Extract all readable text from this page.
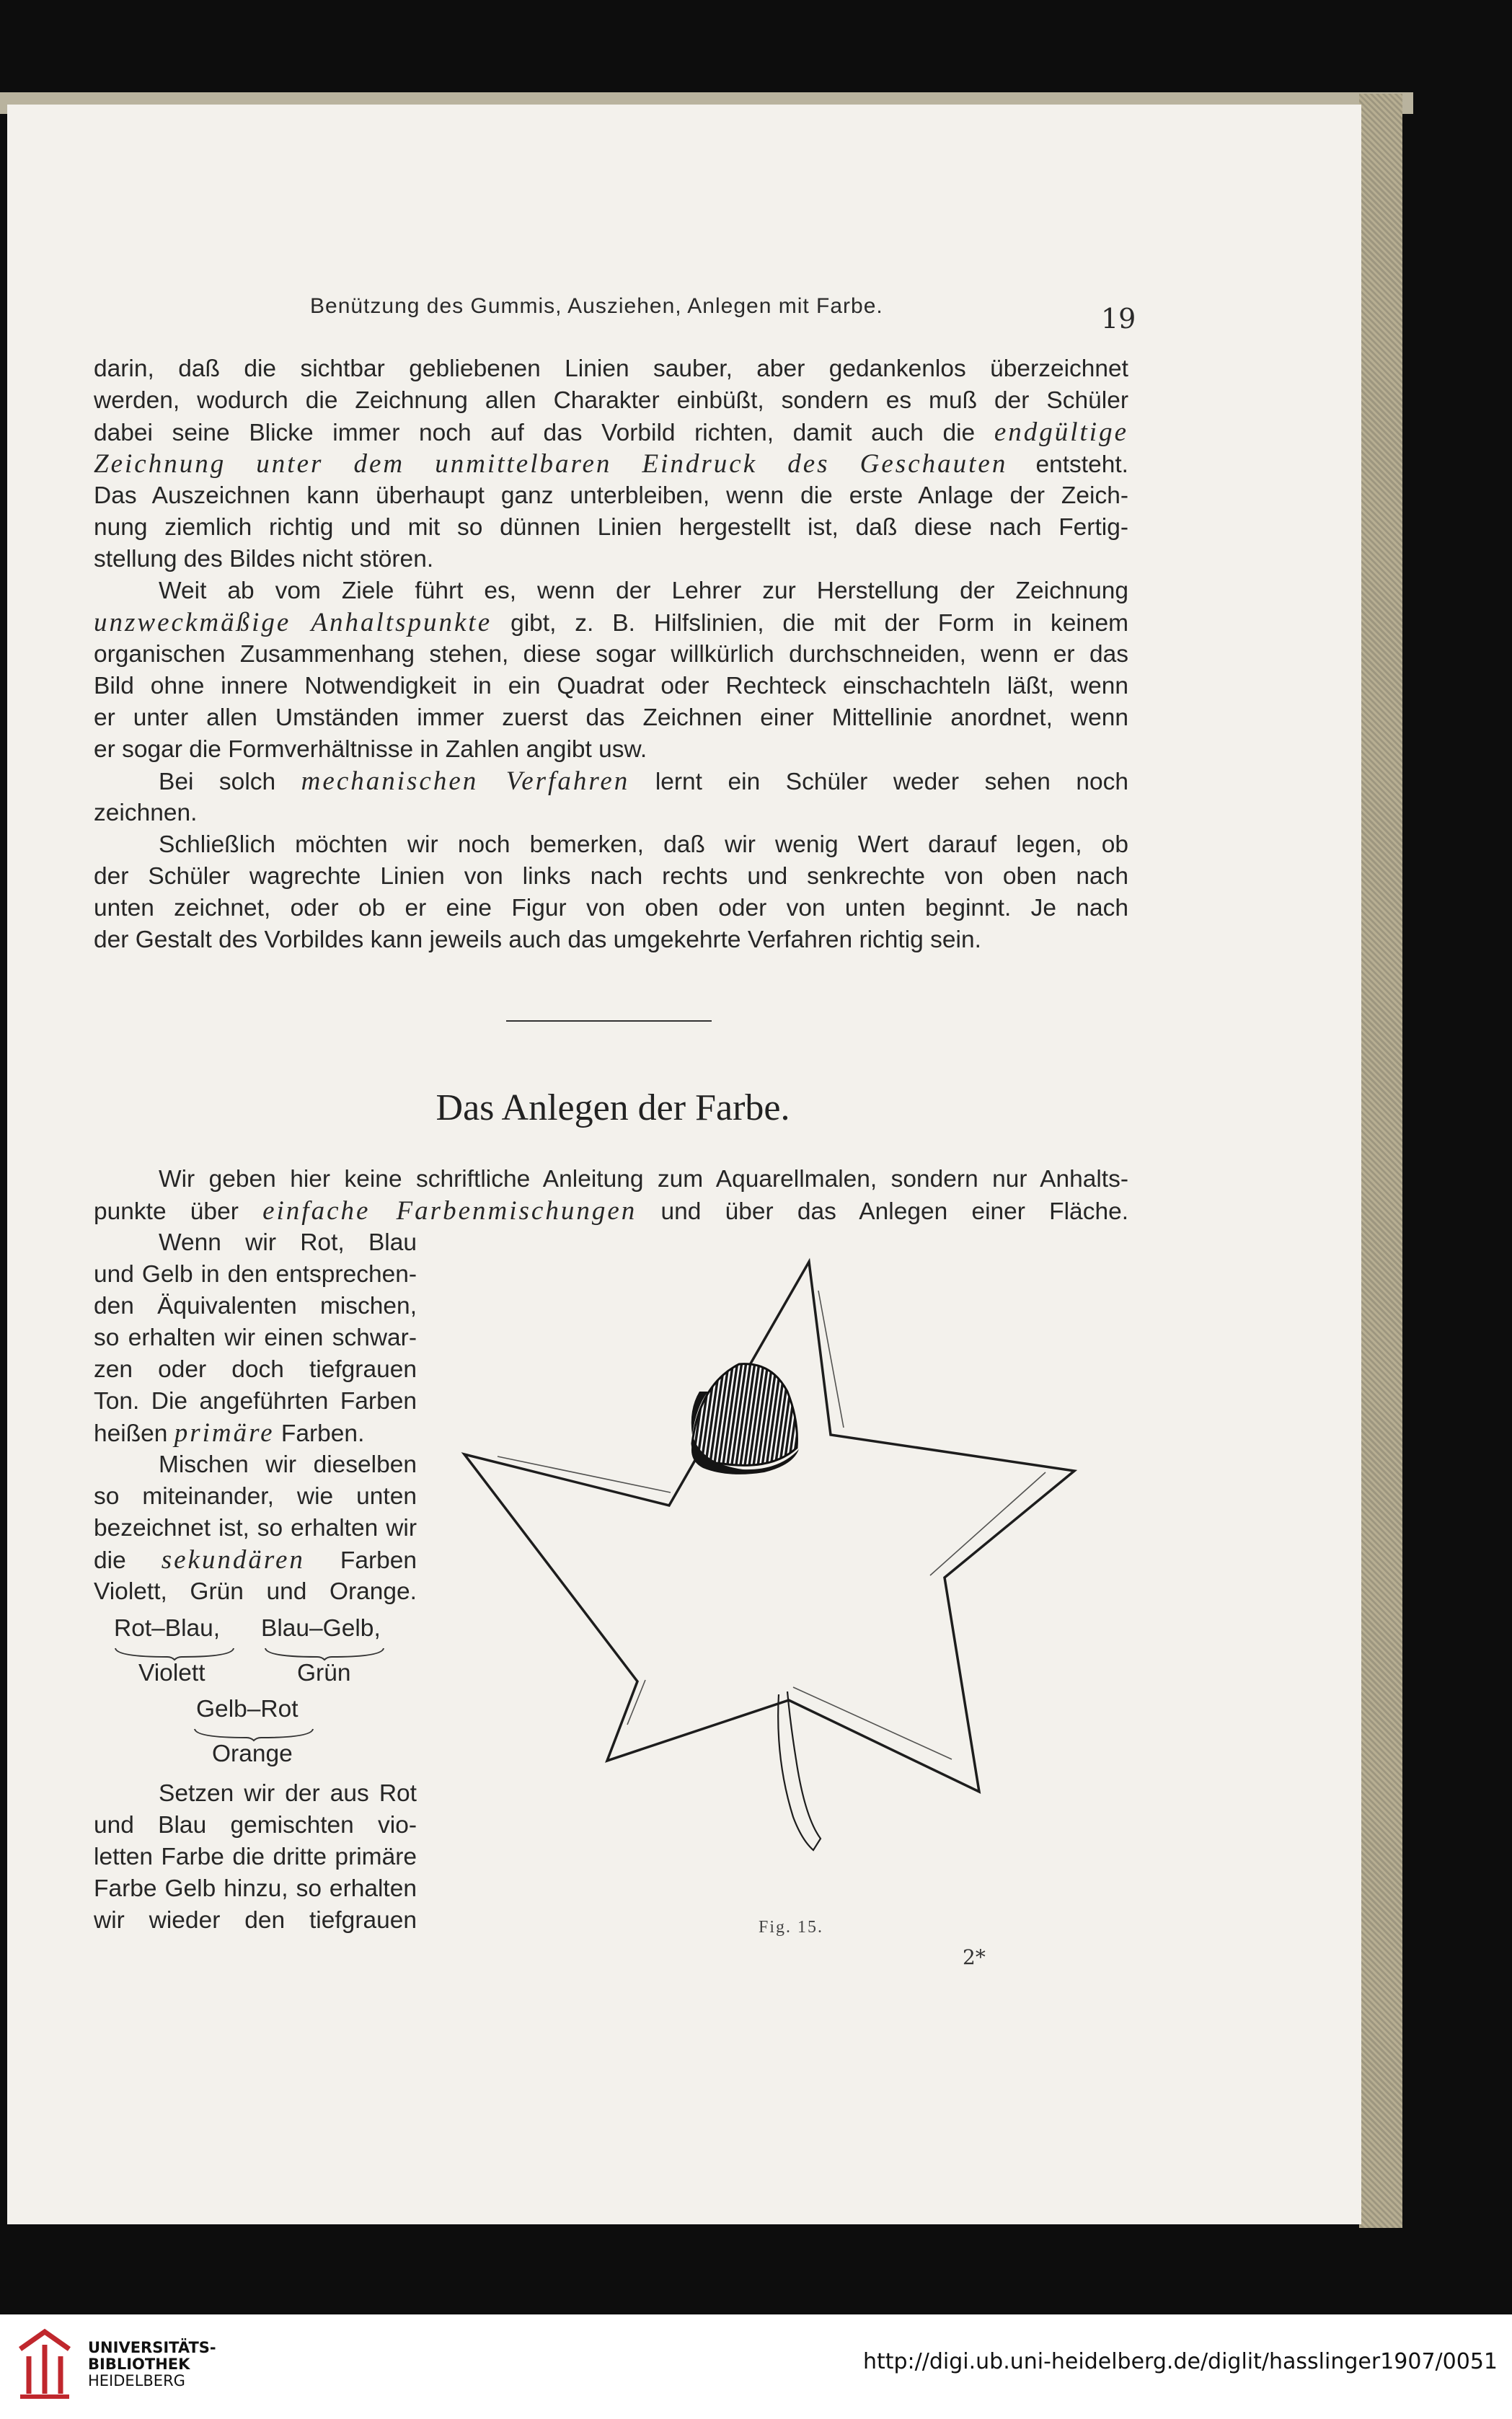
Benützung des Gummis, Ausziehen, Anlegen mit Farbe.	19
darin, daß die sichtbar gebliebenen Linien sauber, aber gedankenlos überzeichnet
werden, wodurch die Zeichnung allen Charakter einbüßt, sondern es muß der Schüler
dabei seine Blicke immer noch auf das Vorbild richten, damit auch die endgültige
Zeichnung unter dem unmittelbaren Eindruck des Geschauten entsteht.
Das Auszeichnen kann überhaupt ganz unterbleiben, wenn die erste Anlage der Zeich-
nung ziemlich richtig und mit so dünnen Linien hergestellt ist, daß diese nach Fertig-
stellung des Bildes nicht stören.
Weit ab vom Ziele führt es, wenn der Lehrer zur Herstellung der Zeichnung
unzweckmäßige Anhaltspunkte gibt, z. B. Hilfslinien, die mit der Form in keinem
organischen Zusammenhang stehen, diese sogar willkürlich durchschneiden, wenn er das
Bild ohne innere Notwendigkeit in ein Quadrat oder Rechteck einschachteln läßt, wenn
er unter allen Umständen immer zuerst das Zeichnen einer Mittellinie anordnet, wenn
er sogar die Formverhältnisse in Zahlen angibt usw.
Bei solch mechanischen Verfahren lernt ein Schüler weder sehen noch
zeichnen.
Schließlich möchten wir noch bemerken, daß wir wenig Wert darauf legen, ob
der Schüler wagrechte Linien von links nach rechts und senkrechte von oben nach
unten zeichnet, oder ob er eine Figur von oben oder von unten beginnt. Je nach
der Gestalt des Vorbildes kann jeweils auch das umgekehrte Verfahren richtig sein.
Das Anlegen der Farbe.
Wir geben hier keine schriftliche Anleitung zum Aquarellmalen, sondern nur Anhalts-
punkte über einfache Farbenmischungen und über das Anlegen einer Fläche.
Wenn wir Rot, Blau
und Gelb in den entsprechen-
den Äquivalenten mischen,
so erhalten wir einen schwar-
zen oder doch tiefgrauen
Ton. Die angeführten Farben
heißen primäre Farben.
Mischen wir dieselben
so miteinander, wie unten
bezeichnet ist, so erhalten wir
die sekundären Farben
Violett, Grün und Orange.
Rot–Blau, Blau–Gelb,
Violett	Grün
Gelb–Rot
Orange
Setzen wir der aus Rot
und Blau gemischten vio-
letten Farbe die dritte primäre
Farbe Gelb hinzu, so erhalten
wir wieder den tiefgrauen	Fig. 15.
2*
UNIVERSITÄTS-
BIBLIOTHEK
HEIDELBERG
http://digi.ub.uni-heidelberg.de/diglit/hasslinger1907/0051
